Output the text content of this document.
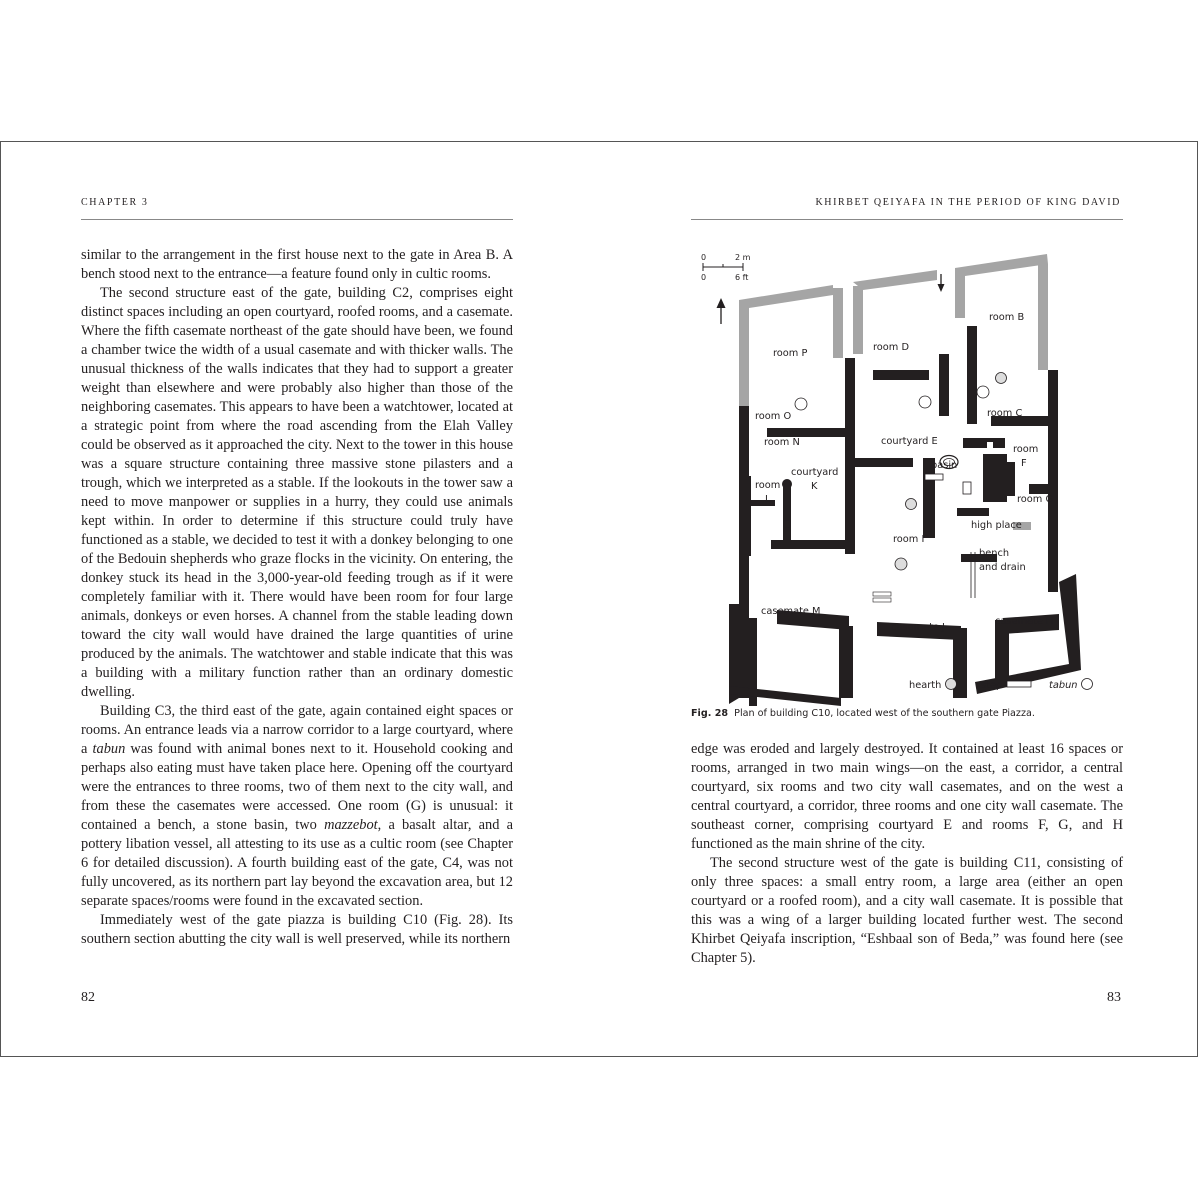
CHAPTER 3

similar to the arrangement in the first house next to the gate in Area B. A bench stood next to the entrance—a feature found only in cultic rooms.

The second structure east of the gate, building C2, comprises eight distinct spaces including an open courtyard, roofed rooms, and a casemate. Where the fifth casemate northeast of the gate should have been, we found a chamber twice the width of a usual casemate and with thicker walls. The unusual thickness of the walls indicates that they had to support a greater weight than elsewhere and were probably also higher than those of the neighboring casemates. This appears to have been a watchtower, located at a strategic point from where the road ascending from the Elah Valley could be observed as it approached the city. Next to the tower in this house was a square structure containing three massive stone pilasters and a trough, which we interpreted as a stable. If the lookouts in the tower saw a need to move manpower or supplies in a hurry, they could use animals kept within. In order to determine if this structure could truly have functioned as a stable, we decided to test it with a donkey belonging to one of the Bedouin shepherds who graze flocks in the vicinity. On entering, the donkey stuck its head in the 3,000-year-old feeding trough as if it were completely familiar with it. There would have been room for four large animals, donkeys or even horses. A channel from the stable leading down toward the city wall would have drained the large quantities of urine produced by the animals. The watchtower and stable indicate that this was a building with a military function rather than an ordinary domestic dwelling.

Building C3, the third east of the gate, again contained eight spaces or rooms. An entrance leads via a narrow corridor to a large courtyard, where a tabun was found with animal bones next to it. Household cooking and perhaps also eating must have taken place here. Opening off the courtyard were the entrances to three rooms, two of them next to the city wall, and from these the casemates were accessed. One room (G) is unusual: it contained a bench, a stone basin, two mazzebot, a basalt altar, and a pottery libation vessel, all attesting to its use as a cultic room (see Chapter 6 for detailed discussion). A fourth building east of the gate, C4, was not fully uncovered, as its northern part lay beyond the excavation area, but 12 separate spaces/rooms were found in the excavated section.

Immediately west of the gate piazza is building C10 (Fig. 28). Its southern section abutting the city wall is well preserved, while its northern

82
KHIRBET QEIYAFA IN THE PERIOD OF KING DAVID
0	2 m
0	6 ft
room B
room D
room P
room O	room C
room N	courtyard E
courtyard
K
room
L
basin
room
F
room G
high place
room I
bench
and drain
casemate M
casemate J
casemate H
hearth	step	tabun
Fig. 28 Plan of building C10, located west of the southern gate Piazza.

edge was eroded and largely destroyed. It contained at least 16 spaces or rooms, arranged in two main wings—on the east, a corridor, a central courtyard, six rooms and two city wall casemates, and on the west a central courtyard, a corridor, three rooms and one city wall casemate. The southeast corner, comprising courtyard E and rooms F, G, and H functioned as the main shrine of the city.

The second structure west of the gate is building C11, consisting of only three spaces: a small entry room, a large area (either an open courtyard or a roofed room), and a city wall casemate. It is possible that this was a wing of a larger building located further west. The second Khirbet Qeiyafa inscription, “Eshbaal son of Beda,” was found here (see Chapter 5).

83
